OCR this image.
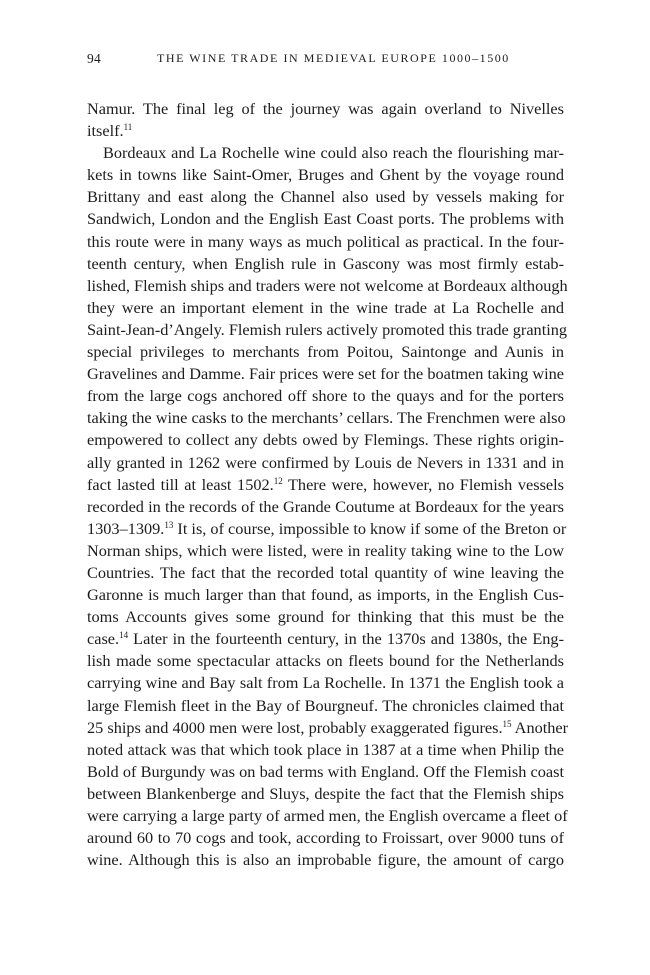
94	THE WINE TRADE IN MEDIEVAL EUROPE 1000–1500
Namur. The final leg of the journey was again overland to Nivelles
itself.$^{11}$
Bordeaux and La Rochelle wine could also reach the flourishing mar-
kets in towns like Saint-Omer, Bruges and Ghent by the voyage round
Brittany and east along the Channel also used by vessels making for
Sandwich, London and the English East Coast ports. The problems with
this route were in many ways as much political as practical. In the four-
teenth century, when English rule in Gascony was most firmly estab-
lished, Flemish ships and traders were not welcome at Bordeaux although
they were an important element in the wine trade at La Rochelle and
Saint-Jean-d’Angely. Flemish rulers actively promoted this trade granting
special privileges to merchants from Poitou, Saintonge and Aunis in
Gravelines and Damme. Fair prices were set for the boatmen taking wine
from the large cogs anchored off shore to the quays and for the porters
taking the wine casks to the merchants’ cellars. The Frenchmen were also
empowered to collect any debts owed by Flemings. These rights origin-
ally granted in 1262 were confirmed by Louis de Nevers in 1331 and in
fact lasted till at least 1502.12 There were, however, no Flemish vessels
recorded in the records of the Grande Coutume at Bordeaux for the years
1303–1309.13 It is, of course, impossible to know if some of the Breton or
Norman ships, which were listed, were in reality taking wine to the Low
Countries. The fact that the recorded total quantity of wine leaving the
Garonne is much larger than that found, as imports, in the English Cus-
toms Accounts gives some ground for thinking that this must be the
case.$^{14}$ Later in the fourteenth century, in the 1370s and 1380s, the Eng-
lish made some spectacular attacks on fleets bound for the Netherlands
carrying wine and Bay salt from La Rochelle. In 1371 the English took a
large Flemish fleet in the Bay of Bourgneuf. The chronicles claimed that
25 ships and 4000 men were lost, probably exaggerated figures.$^{15}$ Another
noted attack was that which took place in 1387 at a time when Philip the
Bold of Burgundy was on bad terms with England. Off the Flemish coast
between Blankenberge and Sluys, despite the fact that the Flemish ships
were carrying a large party of armed men, the English overcame a fleet of
around 60 to 70 cogs and took, according to Froissart, over 9000 tuns of
wine. Although this is also an improbable figure, the amount of cargo
